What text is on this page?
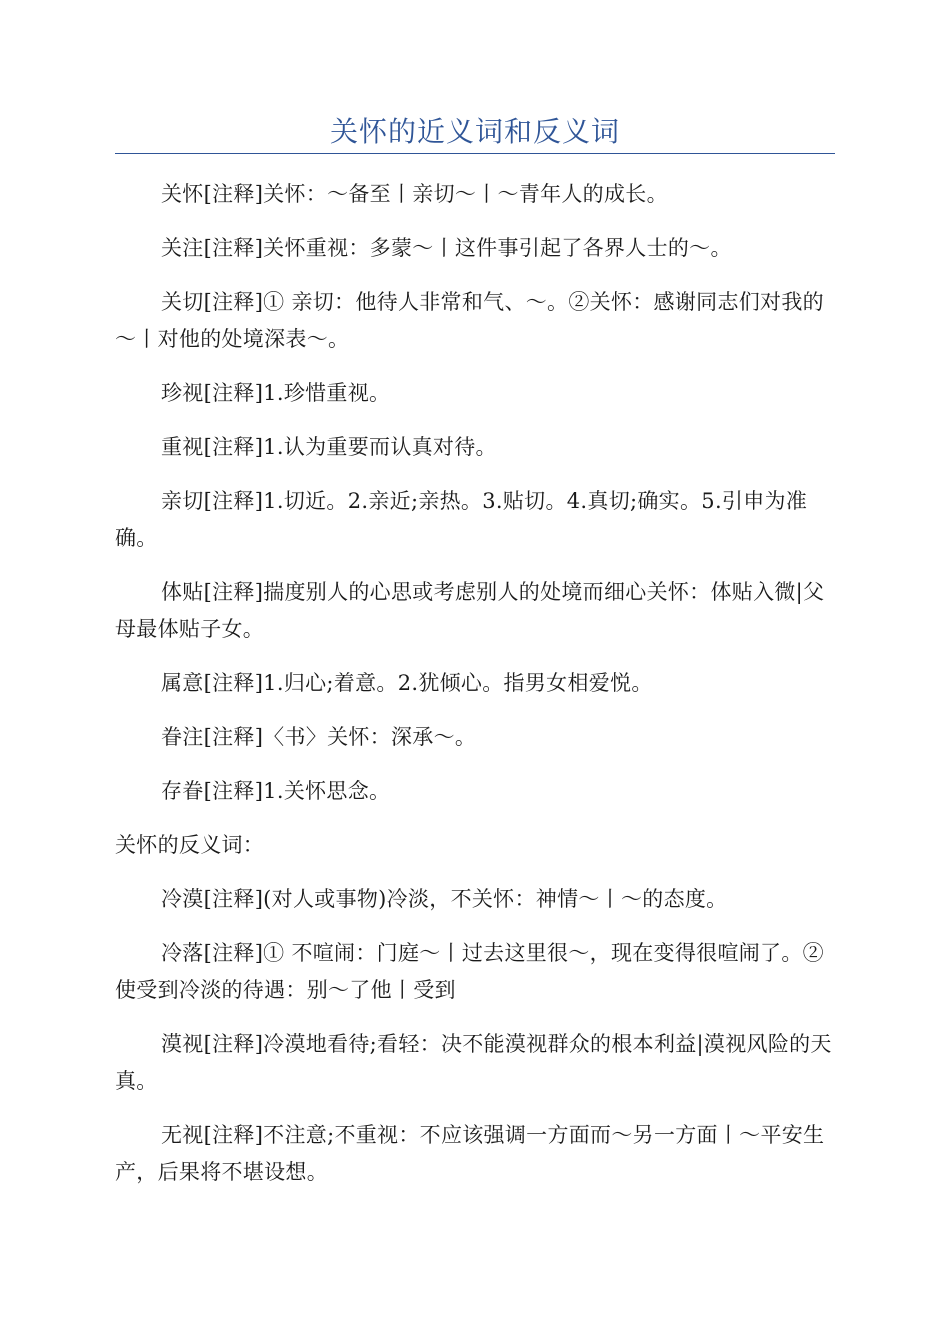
关怀的近义词和反义词

关怀[注释]关怀：～备至丨亲切～丨～青年人的成长。

关注[注释]关怀重视：多蒙～丨这件事引起了各界人士的～。

关切[注释]① 亲切：他待人非常和气、～。②关怀：感谢同志们对我的～丨对他的处境深表～。

珍视[注释]1.珍惜重视。

重视[注释]1.认为重要而认真对待。

亲切[注释]1.切近。2.亲近;亲热。3.贴切。4.真切;确实。5.引申为准确。

体贴[注释]揣度别人的心思或考虑别人的处境而细心关怀：体贴入微|父母最体贴子女。

属意[注释]1.归心;着意。2.犹倾心。指男女相爱悦。

眷注[注释]〈书〉关怀：深承～。

存眷[注释]1.关怀思念。

关怀的反义词：

冷漠[注释](对人或事物)冷淡，不关怀：神情～丨～的态度。

冷落[注释]① 不喧闹：门庭～丨过去这里很～，现在变得很喧闹了。②使受到冷淡的待遇：别～了他丨受到

漠视[注释]冷漠地看待;看轻：决不能漠视群众的根本利益|漠视风险的天真。

无视[注释]不注意;不重视：不应该强调一方面而～另一方面丨～平安生产，后果将不堪设想。
